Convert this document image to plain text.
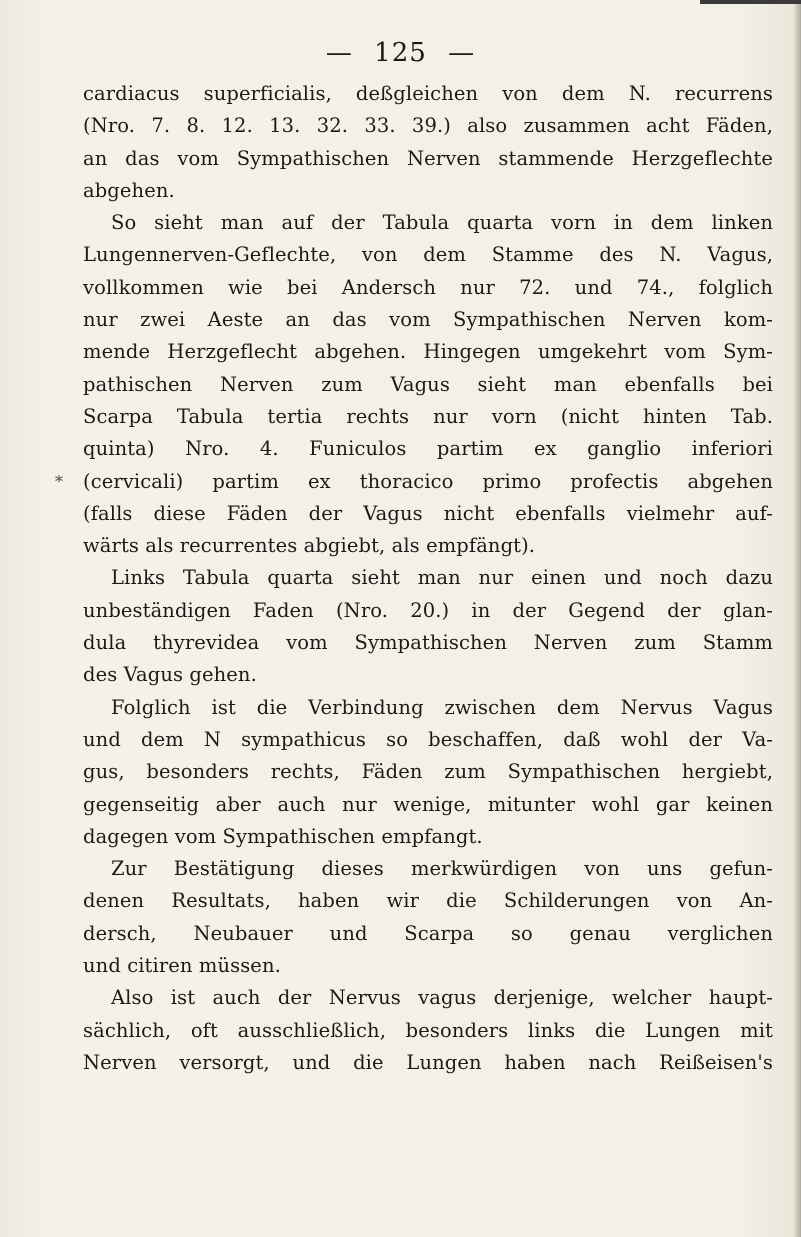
— 125 —
*
cardiacus superficialis, deßgleichen von dem N. recurrens
(Nro. 7. 8. 12. 13. 32. 33. 39.) also zusammen acht Fäden,
an das vom Sympathischen Nerven stammende Herzgeflechte
abgehen.
So sieht man auf der Tabula quarta vorn in dem linken
Lungennerven-Geflechte, von dem Stamme des N. Vagus,
vollkommen wie bei Andersch nur 72. und 74., folglich
nur zwei Aeste an das vom Sympathischen Nerven kom-
mende Herzgeflecht abgehen. Hingegen umgekehrt vom Sym-
pathischen Nerven zum Vagus sieht man ebenfalls bei
Scarpa Tabula tertia rechts nur vorn (nicht hinten Tab.
quinta) Nro. 4. Funiculos partim ex ganglio inferiori
(cervicali) partim ex thoracico primo profectis abgehen
(falls diese Fäden der Vagus nicht ebenfalls vielmehr auf-
wärts als recurrentes abgiebt, als empfängt).
Links Tabula quarta sieht man nur einen und noch dazu
unbeständigen Faden (Nro. 20.) in der Gegend der glan-
dula thyrevidea vom Sympathischen Nerven zum Stamm
des Vagus gehen.
Folglich ist die Verbindung zwischen dem Nervus Vagus
und dem N sympathicus so beschaffen, daß wohl der Va-
gus, besonders rechts, Fäden zum Sympathischen hergiebt,
gegenseitig aber auch nur wenige, mitunter wohl gar keinen
dagegen vom Sympathischen empfangt.
Zur Bestätigung dieses merkwürdigen von uns gefun-
denen Resultats, haben wir die Schilderungen von An-
dersch, Neubauer und Scarpa so genau verglichen
und citiren müssen.
Also ist auch der Nervus vagus derjenige, welcher haupt-
sächlich, oft ausschließlich, besonders links die Lungen mit
Nerven versorgt, und die Lungen haben nach Reißeisen's
